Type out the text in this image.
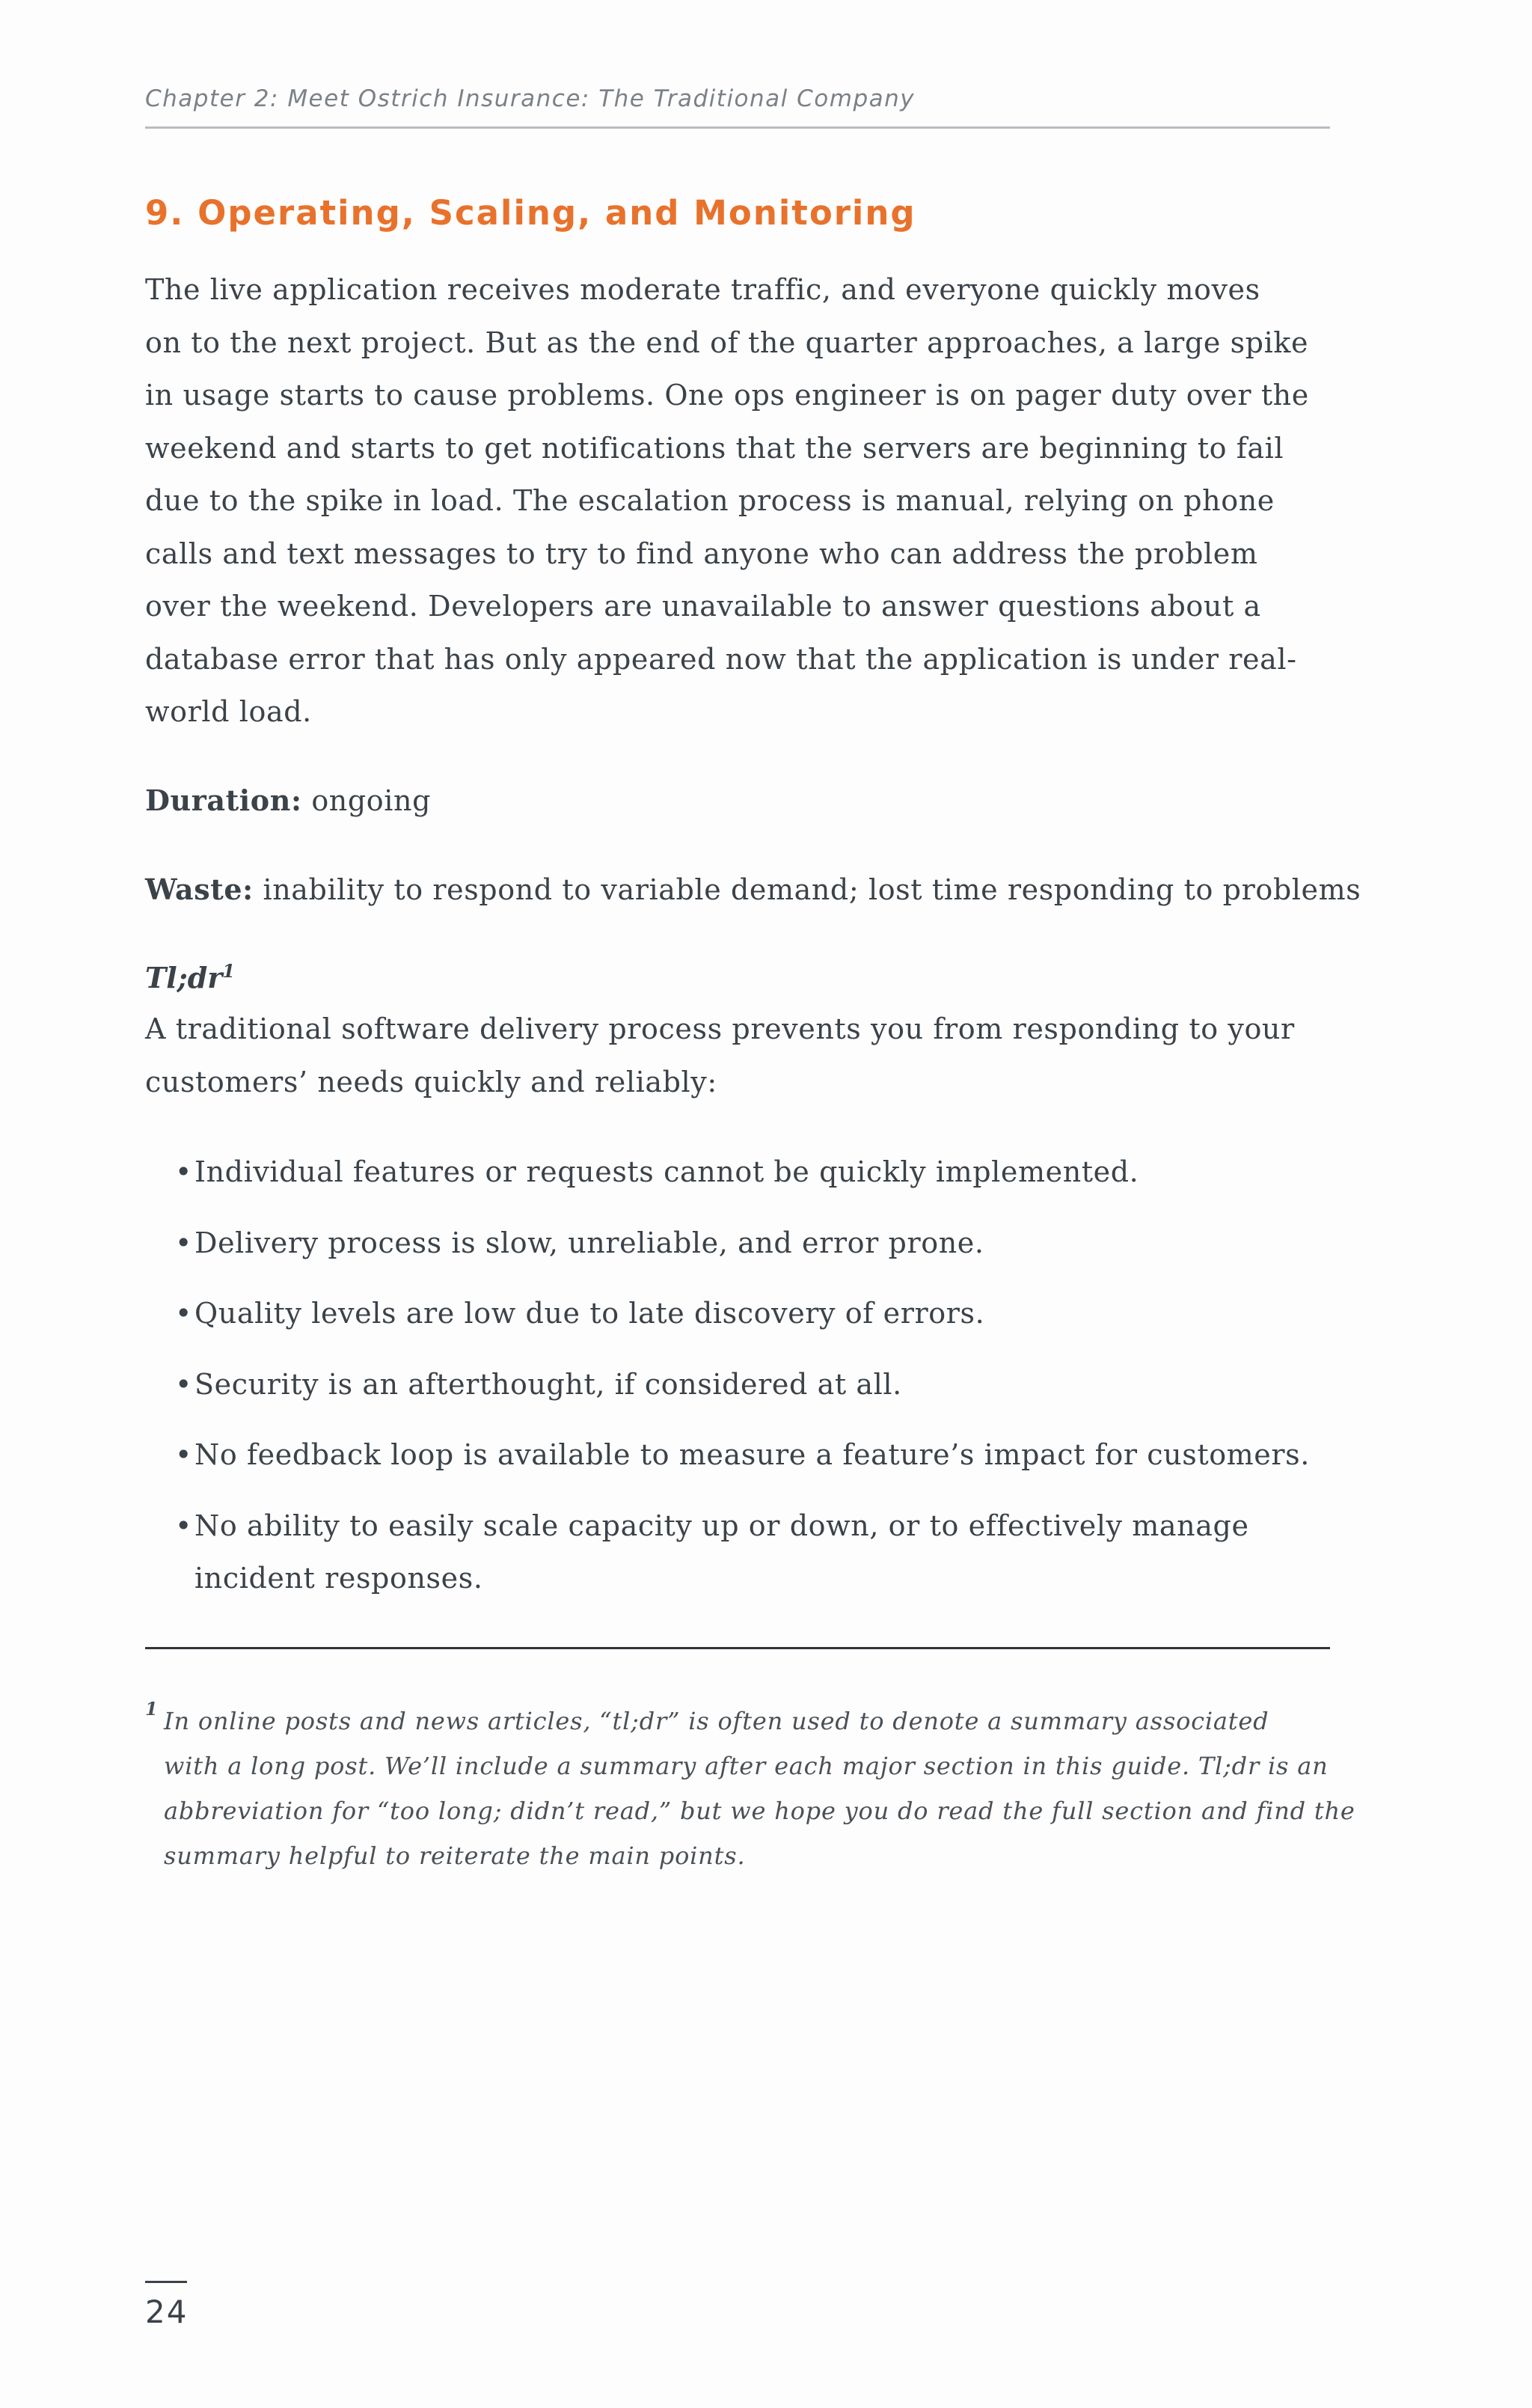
Chapter 2: Meet Ostrich Insurance: The Traditional Company
9. Operating, Scaling, and Monitoring

The live application receives moderate traffic, and everyone quickly moves
on to the next project. But as the end of the quarter approaches, a large spike
in usage starts to cause problems. One ops engineer is on pager duty over the
weekend and starts to get notifications that the servers are beginning to fail
due to the spike in load. The escalation process is manual, relying on phone
calls and text messages to try to find anyone who can address the problem
over the weekend. Developers are unavailable to answer questions about a
database error that has only appeared now that the application is under real-
world load.

Duration: ongoing
Waste: inability to respond to variable demand; lost time responding to problems
$Tl;dr^1$

A traditional software delivery process prevents you from responding to your
customers’ needs quickly and reliably:

• Individual features or requests cannot be quickly implemented.
• Delivery process is slow, unreliable, and error prone.
• Quality levels are low due to late discovery of errors.
• Security is an afterthought, if considered at all.
• No feedback loop is available to measure a feature’s impact for customers.
• No ability to easily scale capacity up or down, or to effectively manage
incident responses.
1 In online posts and news articles, “tl;dr” is often used to denote a summary associated
with a long post. We’ll include a summary after each major section in this guide. Tl;dr is an
abbreviation for “too long; didn’t read,” but we hope you do read the full section and find the
summary helpful to reiterate the main points.
24
